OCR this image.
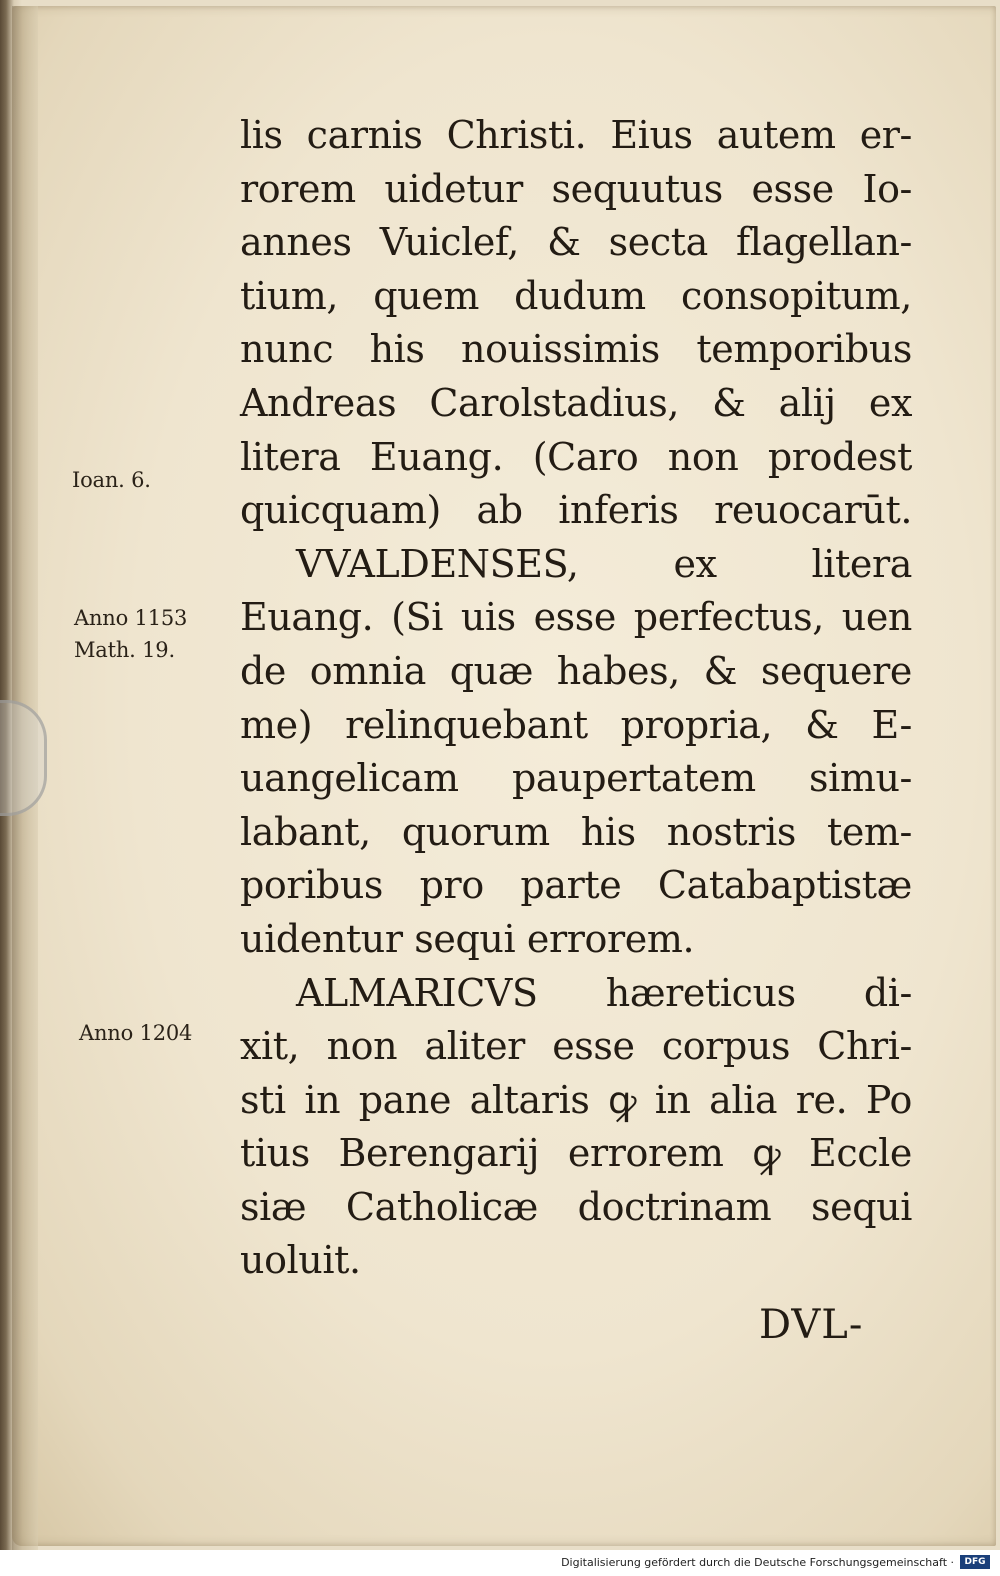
Ioan. 6.
Anno 1153
Math. 19.
Anno 1204
lis carnis Christi. Eius autem er-
rorem uidetur sequutus esse Io-
annes Vuiclef, & secta flagellan-
tium, quem dudum consopitum,
nunc his nouissimis temporibus
Andreas Carolstadius, & alij ex
litera Euang. (Caro non prodest
quicquam) ab inferis reuocarūt.
VVALDENSES, ex litera
Euang. (Si uis esse perfectus, uen
de omnia quæ habes, & sequere
me) relinquebant propria, & E-
uangelicam paupertatem simu-
labant, quorum his nostris tem-
poribus pro parte Catabaptistæ
uidentur sequi errorem.
ALMARICVS hæreticus di-
xit, non aliter esse corpus Chri-
sti in pane altaris ꝙ in alia re. Po
tius Berengarij errorem ꝙ Eccle
siæ Catholicæ doctrinam sequi
uoluit.
DVL-
Digitalisierung gefördert durch die Deutsche Forschungsgemeinschaft ·	DFG
